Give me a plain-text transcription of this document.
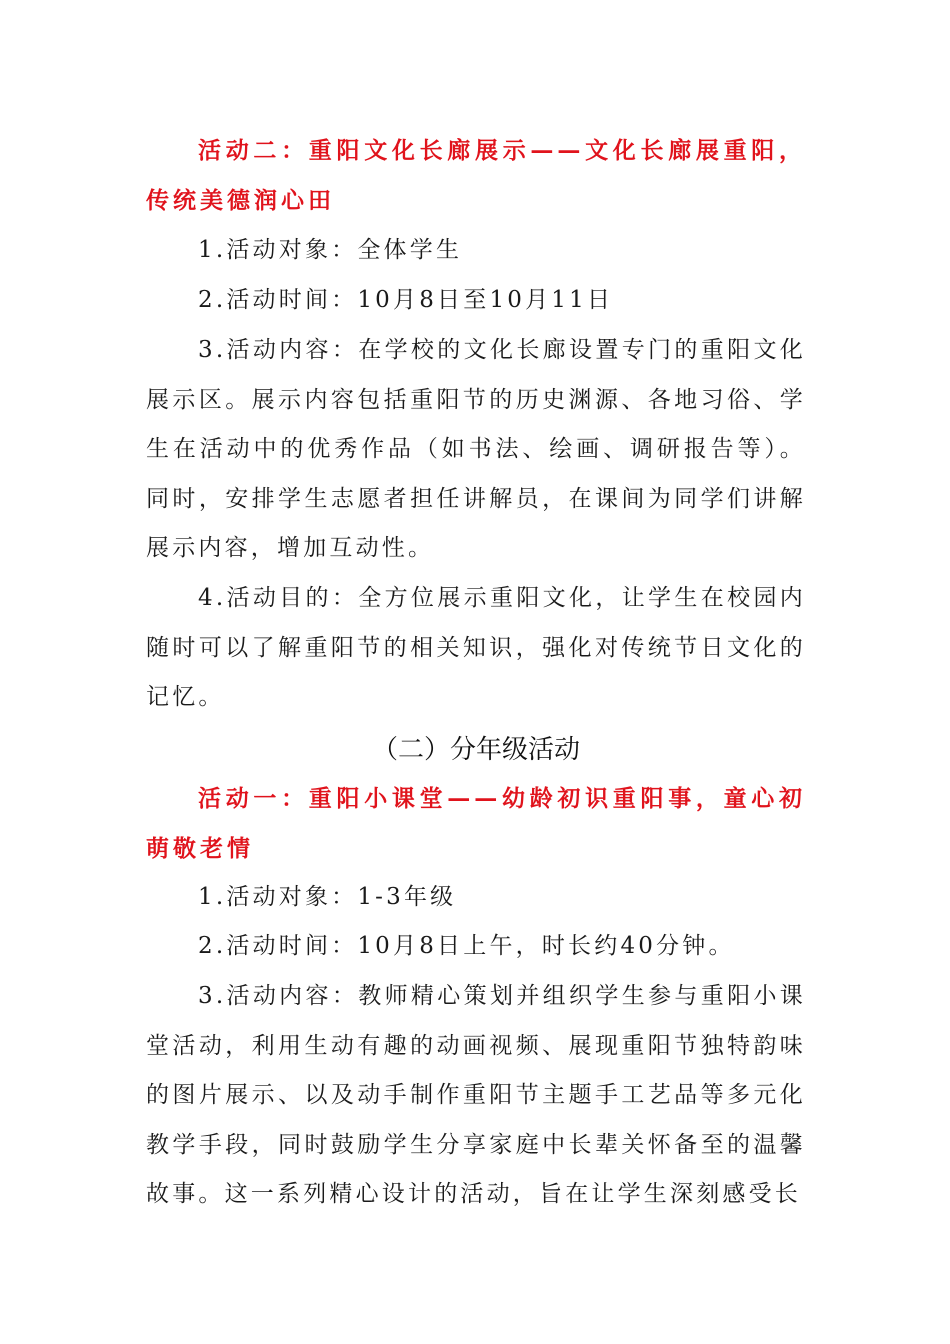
活动二：重阳文化长廊展示——文化长廊展重阳，传统美德润心田

1.活动对象：全体学生

2.活动时间：10月8日至10月11日

3.活动内容：在学校的文化长廊设置专门的重阳文化展示区。展示内容包括重阳节的历史渊源、各地习俗、学生在活动中的优秀作品（如书法、绘画、调研报告等）。同时，安排学生志愿者担任讲解员，在课间为同学们讲解展示内容，增加互动性。

4.活动目的：全方位展示重阳文化，让学生在校园内随时可以了解重阳节的相关知识，强化对传统节日文化的记忆。

（二）分年级活动

活动一：重阳小课堂——幼龄初识重阳事，童心初萌敬老情

1.活动对象：1-3年级

2.活动时间：10月8日上午，时长约40分钟。

3.活动内容：教师精心策划并组织学生参与重阳小课堂活动，利用生动有趣的动画视频、展现重阳节独特韵味的图片展示、以及动手制作重阳节主题手工艺品等多元化教学手段，同时鼓励学生分享家庭中长辈关怀备至的温馨故事。这一系列精心设计的活动，旨在让学生深刻感受长
